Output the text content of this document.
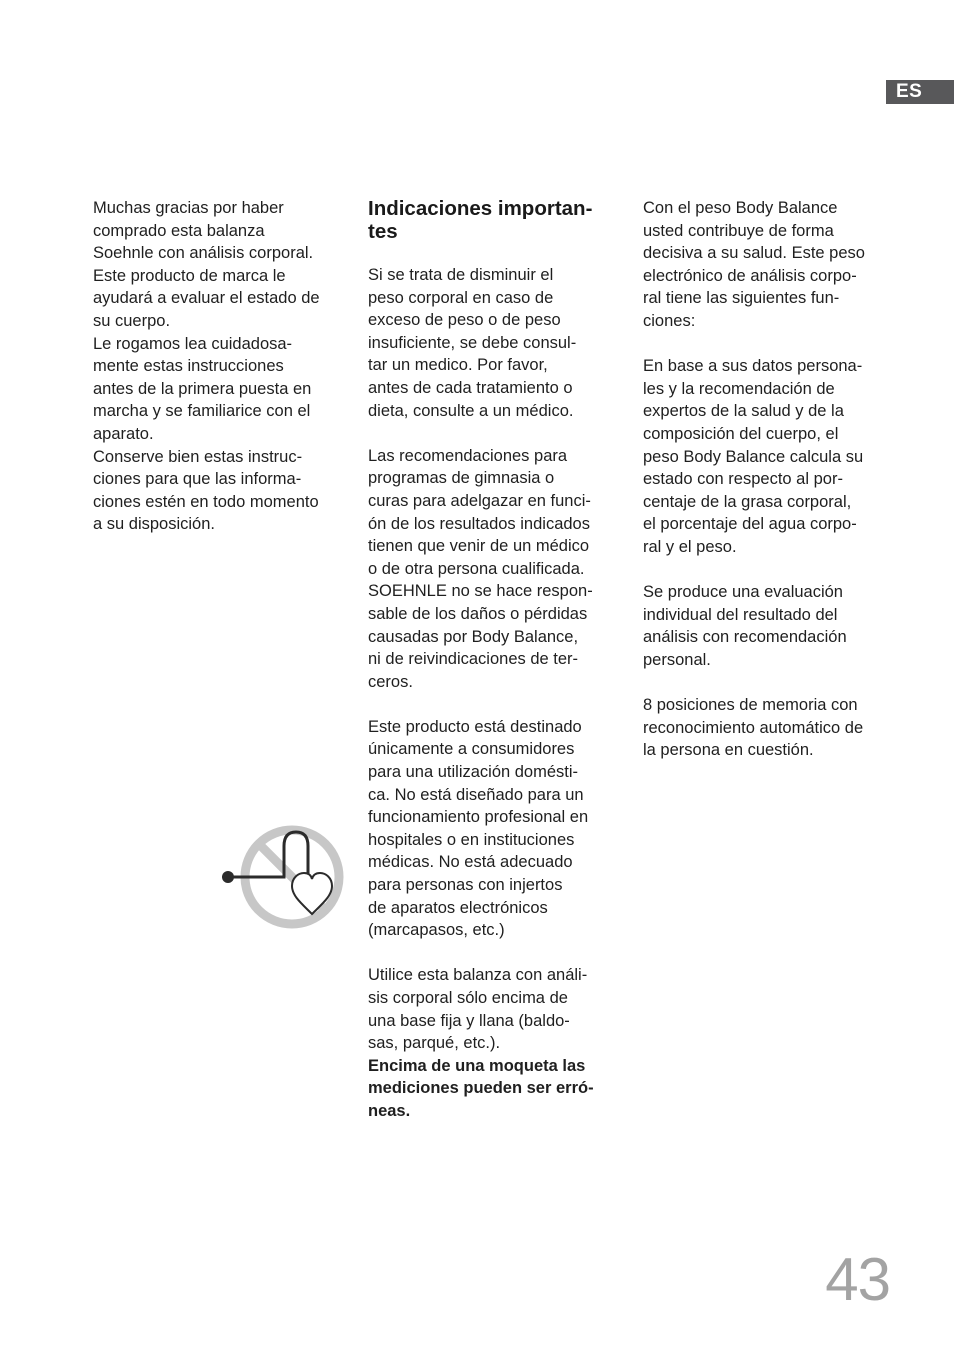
ES

Muchas gracias por haber
comprado esta balanza
Soehnle con análisis corporal.
Este producto de marca le
ayudará a evaluar el estado de
su cuerpo.

Le rogamos lea cuidadosa-
mente estas instrucciones
antes de la primera puesta en
marcha y se familiarice con el
aparato.

Conserve bien estas instruc-
ciones para que las informa-
ciones estén en todo momento
a su disposición.

Indicaciones importan-
tes

Si se trata de disminuir el
peso corporal en caso de
exceso de peso o de peso
insuficiente, se debe consul-
tar un medico. Por favor,
antes de cada tratamiento o
dieta, consulte a un médico.

Las recomendaciones para
programas de gimnasia o
curas para adelgazar en funci-
ón de los resultados indicados
tienen que venir de un médico
o de otra persona cualificada.
SOEHNLE no se hace respon-
sable de los daños o pérdidas
causadas por Body Balance,
ni de reivindicaciones de ter-
ceros.

Este producto está destinado
únicamente a consumidores
para una utilización domésti-
ca. No está diseñado para un
funcionamiento profesional en
hospitales o en instituciones
médicas. No está adecuado
para personas con injertos
de aparatos electrónicos
(marcapasos, etc.)

Utilice esta balanza con análi-
sis corporal sólo encima de
una base fija y llana (baldo-
sas, parqué, etc.).

Encima de una moqueta las
mediciones pueden ser erró-
neas.

Con el peso Body Balance
usted contribuye de forma
decisiva a su salud. Este peso
electrónico de análisis corpo-
ral tiene las siguientes fun-
ciones:

En base a sus datos persona-
les y la recomendación de
expertos de la salud y de la
composición del cuerpo, el
peso Body Balance calcula su
estado con respecto al por-
centaje de la grasa corporal,
el porcentaje del agua corpo-
ral y el peso.

Se produce una evaluación
individual del resultado del
análisis con recomendación
personal.

8 posiciones de memoria con
reconocimiento automático de
la persona en cuestión.

43
